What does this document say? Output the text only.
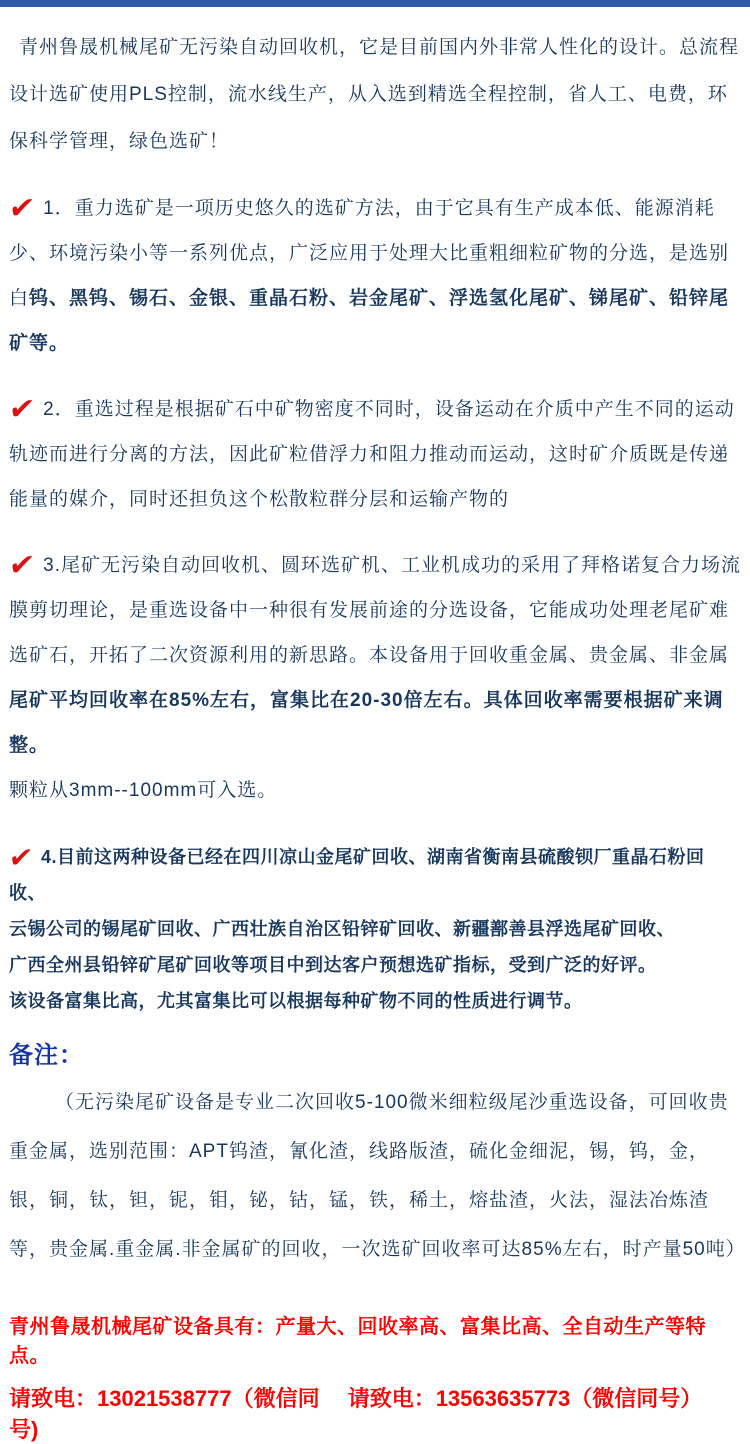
青州鲁晟机械尾矿无污染自动回收机，它是目前国内外非常人性化的设计。总流程设计选矿使用PLS控制，流水线生产，从入选到精选全程控制，省人工、电费，环保科学管理，绿色选矿！

✔ 1．重力选矿是一项历史悠久的选矿方法，由于它具有生产成本低、能源消耗少、环境污染小等一系列优点，广泛应用于处理大比重粗细粒矿物的分选，是选别白钨、黑钨、锡石、金银、重晶石粉、岩金尾矿、浮选氢化尾矿、锑尾矿、铅锌尾矿等。
✔ 2．重选过程是根据矿石中矿物密度不同时，设备运动在介质中产生不同的运动轨迹而进行分离的方法，因此矿粒借浮力和阻力推动而运动，这时矿介质既是传递能量的媒介，同时还担负这个松散粒群分层和运输产物的
✔ 3.尾矿无污染自动回收机、圆环选矿机、工业机成功的采用了拜格诺复合力场流膜剪切理论，是重选设备中一种很有发展前途的分选设备，它能成功处理老尾矿难选矿石，开拓了二次资源利用的新思路。本设备用于回收重金属、贵金属、非金属尾矿平均回收率在85%左右，富集比在20-30倍左右。具体回收率需要根据矿来调整。
颗粒从3mm--100mm可入选。
✔ 4.目前这两种设备已经在四川凉山金尾矿回收、湖南省衡南县硫酸钡厂重晶石粉回收、
云锡公司的锡尾矿回收、广西壮族自治区铅锌矿回收、新疆鄯善县浮选尾矿回收、
广西全州县铅锌矿尾矿回收等项目中到达客户预想选矿指标，受到广泛的好评。
该设备富集比高，尤其富集比可以根据每种矿物不同的性质进行调节。
备注：

（无污染尾矿设备是专业二次回收5-100微米细粒级尾沙重选设备，可回收贵重金属，选别范围：APT钨渣，氰化渣，线路版渣，硫化金细泥，锡，钨，金，银，铜，钛，钽，铌，钼，铋，钴，锰，铁，稀土，熔盐渣，火法，湿法冶炼渣等，贵金属.重金属.非金属矿的回收，一次选矿回收率可达85%左右，时产量50吨）

青州鲁晟机械尾矿设备具有：产量大、回收率高、富集比高、全自动生产等特点。
请致电：13021538777（微信同号)
请致电：13563635773（微信同号）
